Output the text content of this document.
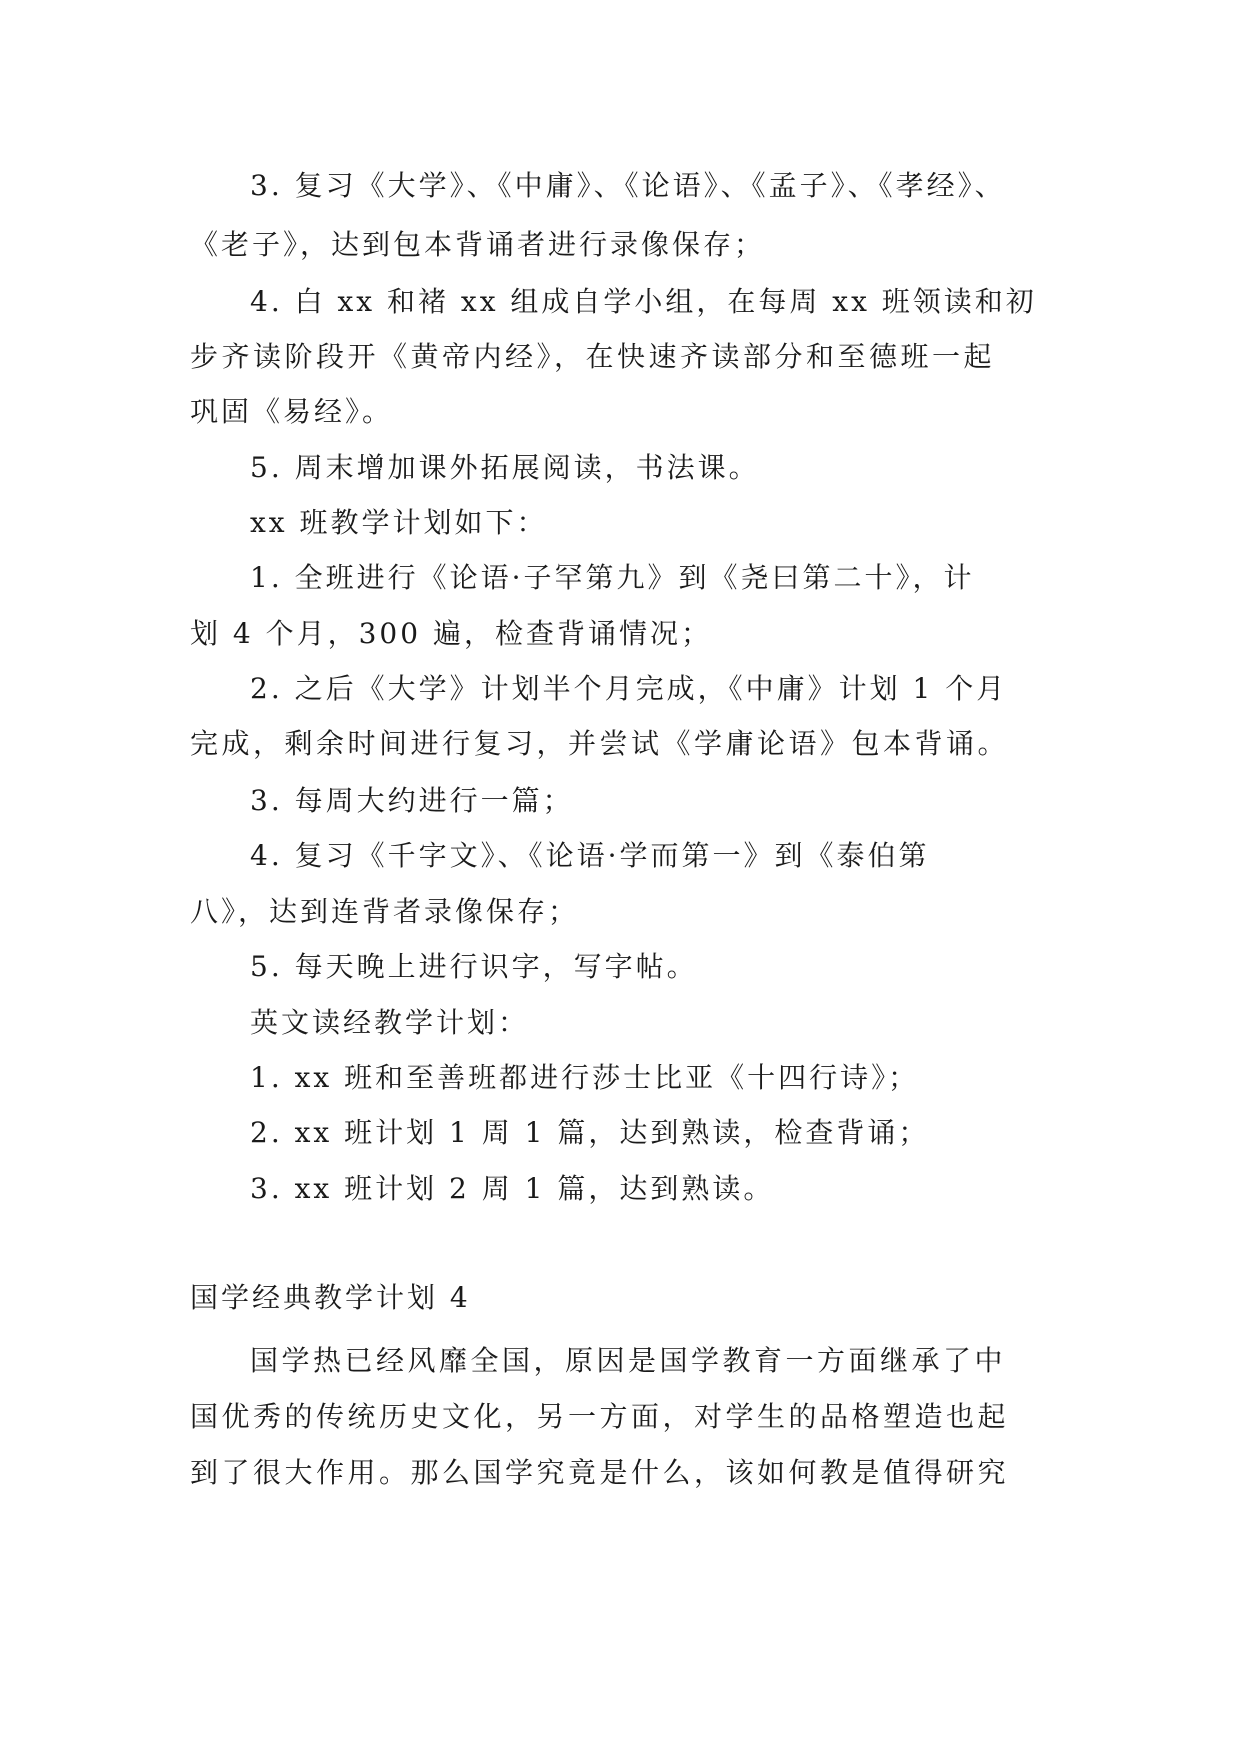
3. 复习《大学》、《中庸》、《论语》、《孟子》、《孝经》、

《老子》，达到包本背诵者进行录像保存；

4. 白 xx 和褚 xx 组成自学小组，在每周 xx 班领读和初

步齐读阶段开《黄帝内经》，在快速齐读部分和至德班一起

巩固《易经》。

5. 周末增加课外拓展阅读，书法课。

xx 班教学计划如下：

1. 全班进行《论语·子罕第九》到《尧曰第二十》，计

划 4 个月，300 遍，检查背诵情况；

2. 之后《大学》计划半个月完成，《中庸》计划 1 个月

完成，剩余时间进行复习，并尝试《学庸论语》包本背诵。

3. 每周大约进行一篇；

4. 复习《千字文》、《论语·学而第一》到《泰伯第

八》，达到连背者录像保存；

5. 每天晚上进行识字，写字帖。

英文读经教学计划：

1. xx 班和至善班都进行莎士比亚《十四行诗》；

2. xx 班计划 1 周 1 篇，达到熟读，检查背诵；

3. xx 班计划 2 周 1 篇，达到熟读。

国学经典教学计划 4

国学热已经风靡全国，原因是国学教育一方面继承了中

国优秀的传统历史文化，另一方面，对学生的品格塑造也起

到了很大作用。那么国学究竟是什么，该如何教是值得研究
